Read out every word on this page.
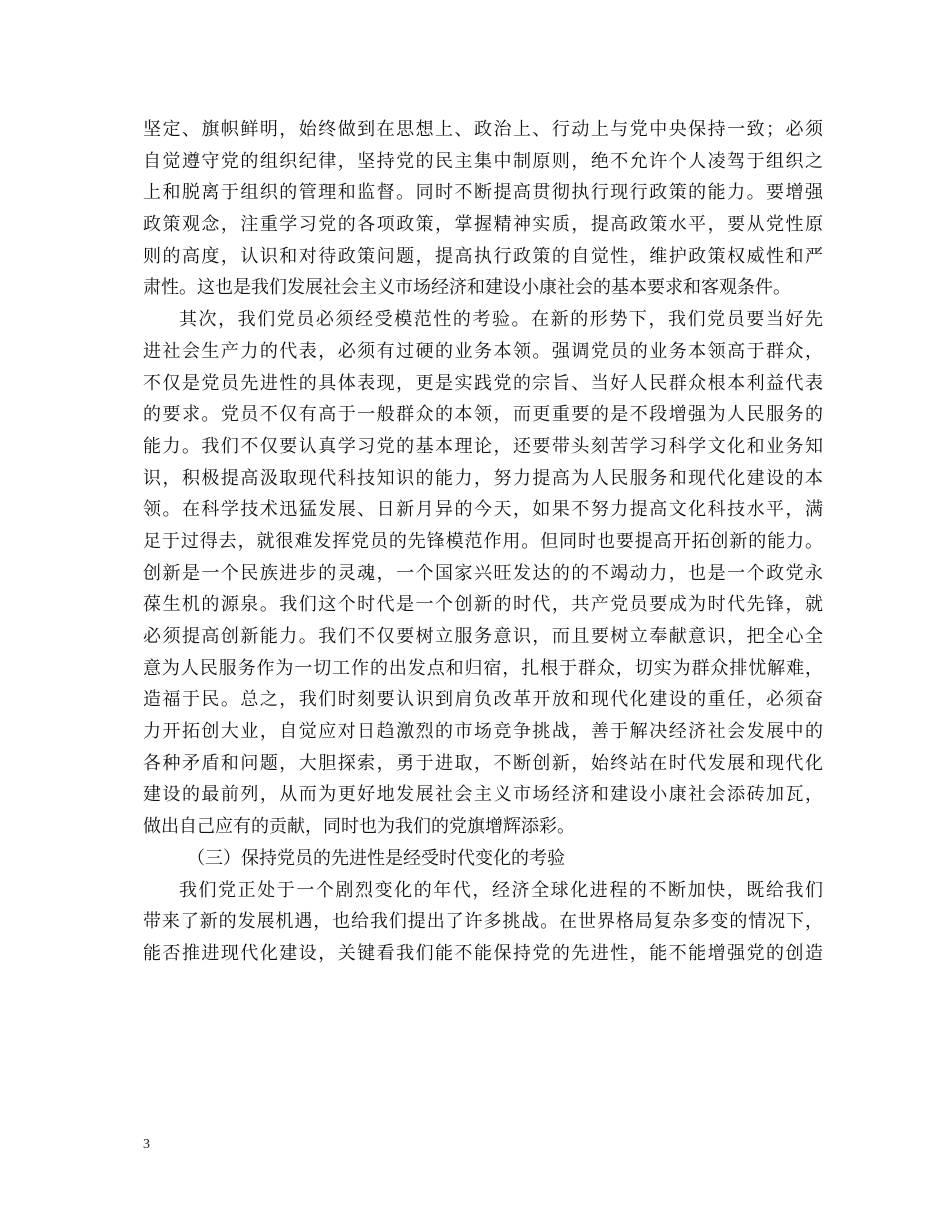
坚定、旗帜鲜明，始终做到在思想上、政治上、行动上与党中央保持一致；必须
自觉遵守党的组织纪律，坚持党的民主集中制原则，绝不允许个人凌驾于组织之
上和脱离于组织的管理和监督。同时不断提高贯彻执行现行政策的能力。要增强
政策观念，注重学习党的各项政策，掌握精神实质，提高政策水平，要从党性原
则的高度，认识和对待政策问题，提高执行政策的自觉性，维护政策权威性和严
肃性。这也是我们发展社会主义市场经济和建设小康社会的基本要求和客观条件。
其次，我们党员必须经受模范性的考验。在新的形势下，我们党员要当好先
进社会生产力的代表，必须有过硬的业务本领。强调党员的业务本领高于群众，
不仅是党员先进性的具体表现，更是实践党的宗旨、当好人民群众根本利益代表
的要求。党员不仅有高于一般群众的本领，而更重要的是不段增强为人民服务的
能力。我们不仅要认真学习党的基本理论，还要带头刻苦学习科学文化和业务知
识，积极提高汲取现代科技知识的能力，努力提高为人民服务和现代化建设的本
领。在科学技术迅猛发展、日新月异的今天，如果不努力提高文化科技水平，满
足于过得去，就很难发挥党员的先锋模范作用。但同时也要提高开拓创新的能力。
创新是一个民族进步的灵魂，一个国家兴旺发达的的不竭动力，也是一个政党永
葆生机的源泉。我们这个时代是一个创新的时代，共产党员要成为时代先锋，就
必须提高创新能力。我们不仅要树立服务意识，而且要树立奉献意识，把全心全
意为人民服务作为一切工作的出发点和归宿，扎根于群众，切实为群众排忧解难，
造福于民。总之，我们时刻要认识到肩负改革开放和现代化建设的重任，必须奋
力开拓创大业，自觉应对日趋激烈的市场竞争挑战，善于解决经济社会发展中的
各种矛盾和问题，大胆探索，勇于进取，不断创新，始终站在时代发展和现代化
建设的最前列，从而为更好地发展社会主义市场经济和建设小康社会添砖加瓦，
做出自己应有的贡献，同时也为我们的党旗增辉添彩。
（三）保持党员的先进性是经受时代变化的考验
我们党正处于一个剧烈变化的年代，经济全球化进程的不断加快，既给我们
带来了新的发展机遇，也给我们提出了许多挑战。在世界格局复杂多变的情况下，
能否推进现代化建设，关键看我们能不能保持党的先进性，能不能增强党的创造
3
